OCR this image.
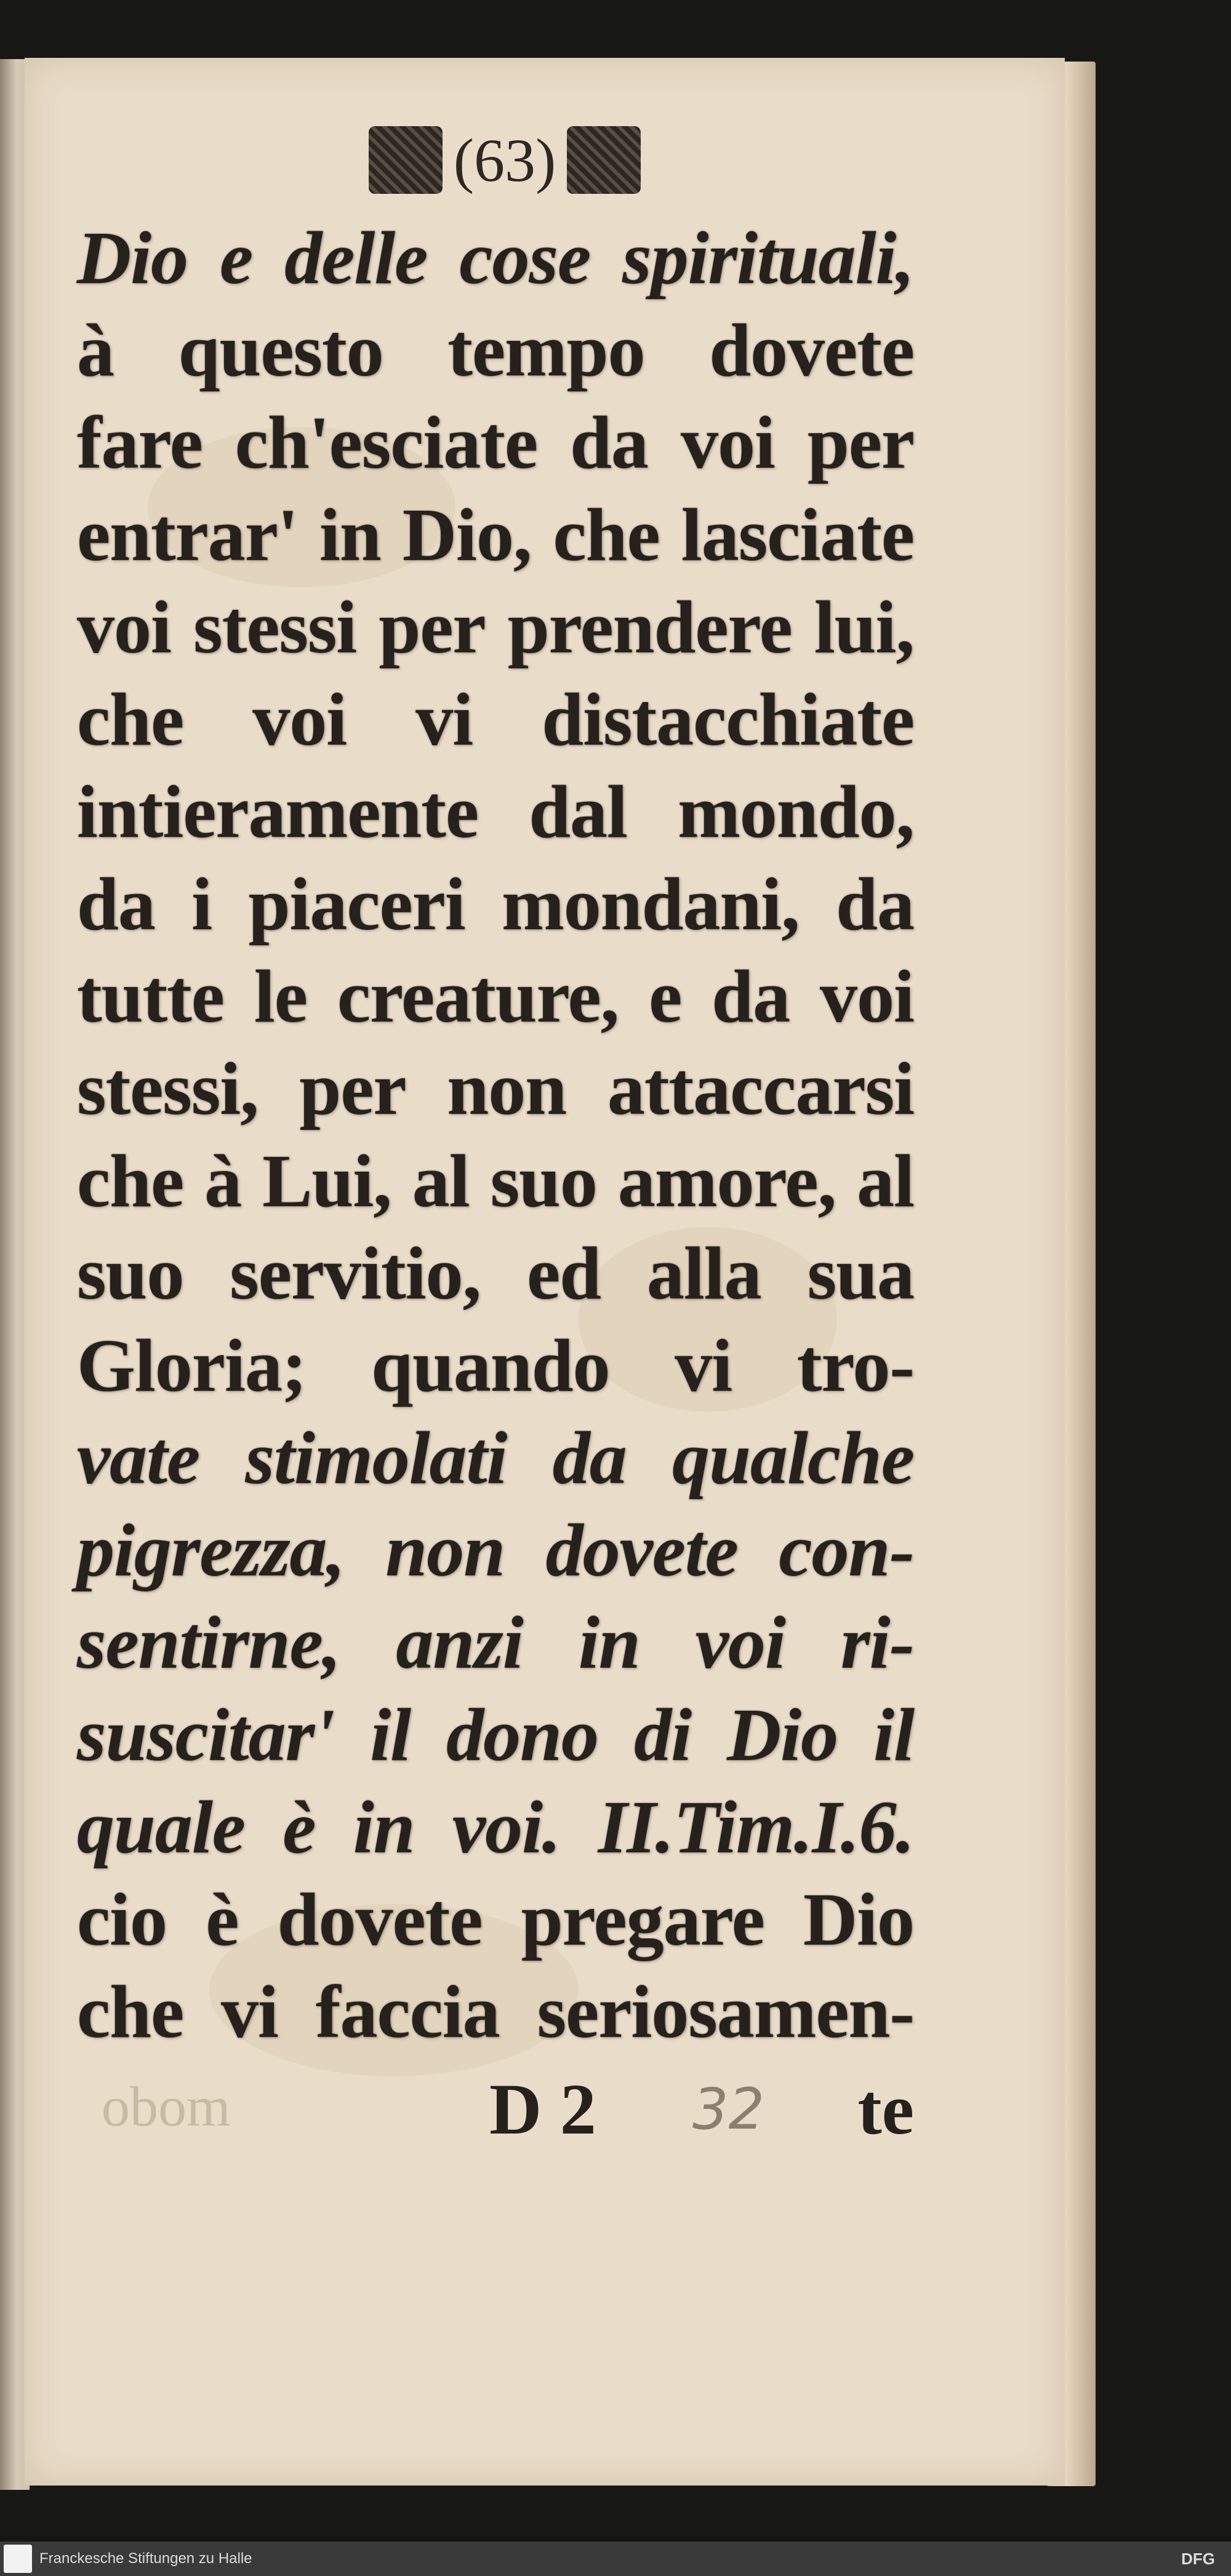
(63)
Dio e delle cose spirituali,
à questo tempo dovete
fare ch'esciate da voi per
entrar' in Dio, che lasciate
voi stessi per prendere lui,
che voi vi distacchiate
intieramente dal mondo,
da i piaceri mondani, da
tutte le creature, e da voi
stessi, per non attaccarsi
che à Lui, al suo amore, al
suo servitio, ed alla sua
Gloria; quando vi tro-
vate stimolati da qualche
pigrezza, non dovete con-
sentirne, anzi in voi ri-
suscitar' il dono di Dio il
quale è in voi. II.Tim.I.6.
cio è dovete pregare Dio
che vi faccia seriosamen-
obom	D 2 32 te
Franckesche Stiftungen zu Halle	DFG
